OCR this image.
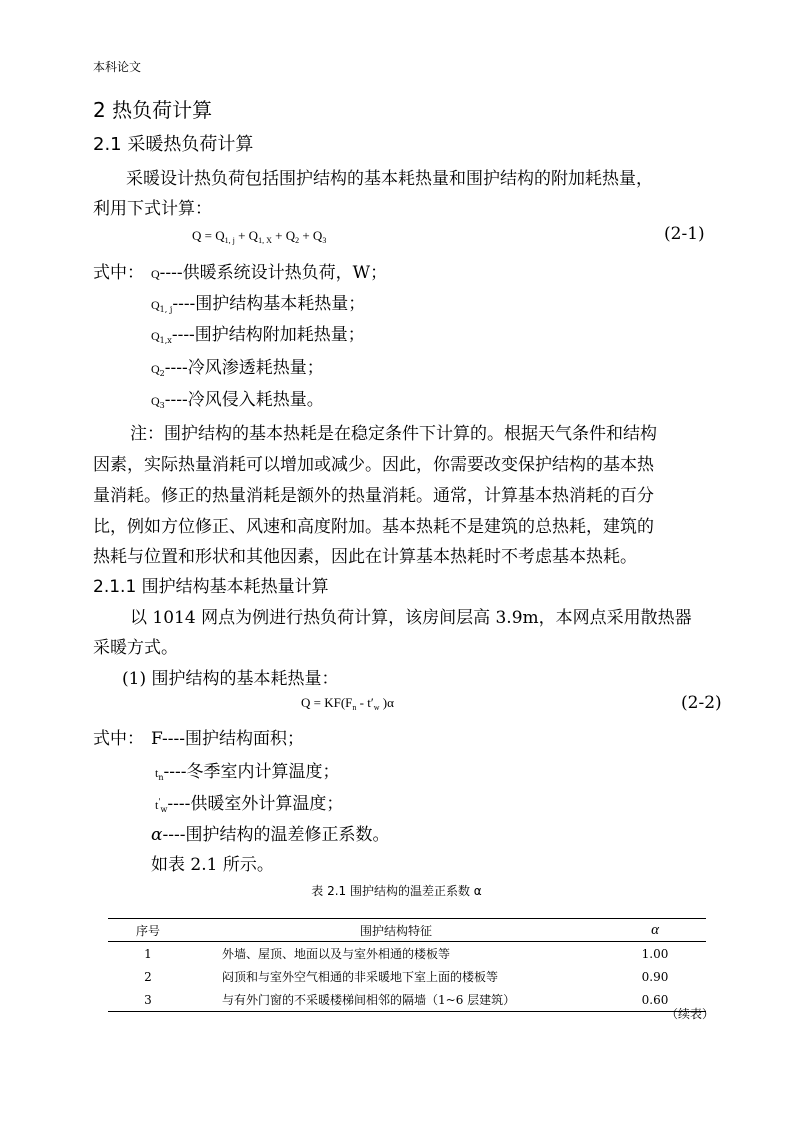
本科论文
2 热负荷计算
2.1 采暖热负荷计算
采暖设计热负荷包括围护结构的基本耗热量和围护结构的附加耗热量，
利用下式计算：
$Q = Q_{1, j} + Q_{1, X} + Q_2 + Q_3$	(2-1)
式中： Q----供暖系统设计热负荷，W；
$Q_{1, j}----$围护结构基本耗热量；
$Q_{1,x}----$围护结构附加耗热量；
$Q_2----$冷风渗透耗热量；
$Q_3----$冷风侵入耗热量。
注：围护结构的基本热耗是在稳定条件下计算的。根据天气条件和结构
因素，实际热量消耗可以增加或减少。因此，你需要改变保护结构的基本热
量消耗。修正的热量消耗是额外的热量消耗。通常，计算基本热消耗的百分
比，例如方位修正、风速和高度附加。基本热耗不是建筑的总热耗，建筑的
热耗与位置和形状和其他因素，因此在计算基本热耗时不考虑基本热耗。
2.1.1 围护结构基本耗热量计算
以 1014 网点为例进行热负荷计算，该房间层高 3.9m，本网点采用散热器
采暖方式。
(1) 围护结构的基本耗热量：
$Q = KF(F_n - t'_w$ )α	(2-2)
式中： F----围护结构面积；
$t_n----$冬季室内计算温度；
$t'_w----$供暖室外计算温度；
α----围护结构的温差修正系数。
如表 2.1 所示。
表 2.1 围护结构的温差正系数 α
序号	围护结构特征	α
1	外墙、屋顶、地面以及与室外相通的楼板等	1.00
2	闷顶和与室外空气相通的非采暖地下室上面的楼板等	0.90
3	与有外门窗的不采暖楼梯间相邻的隔墙（1~6 层建筑）	0.60
（续表）
